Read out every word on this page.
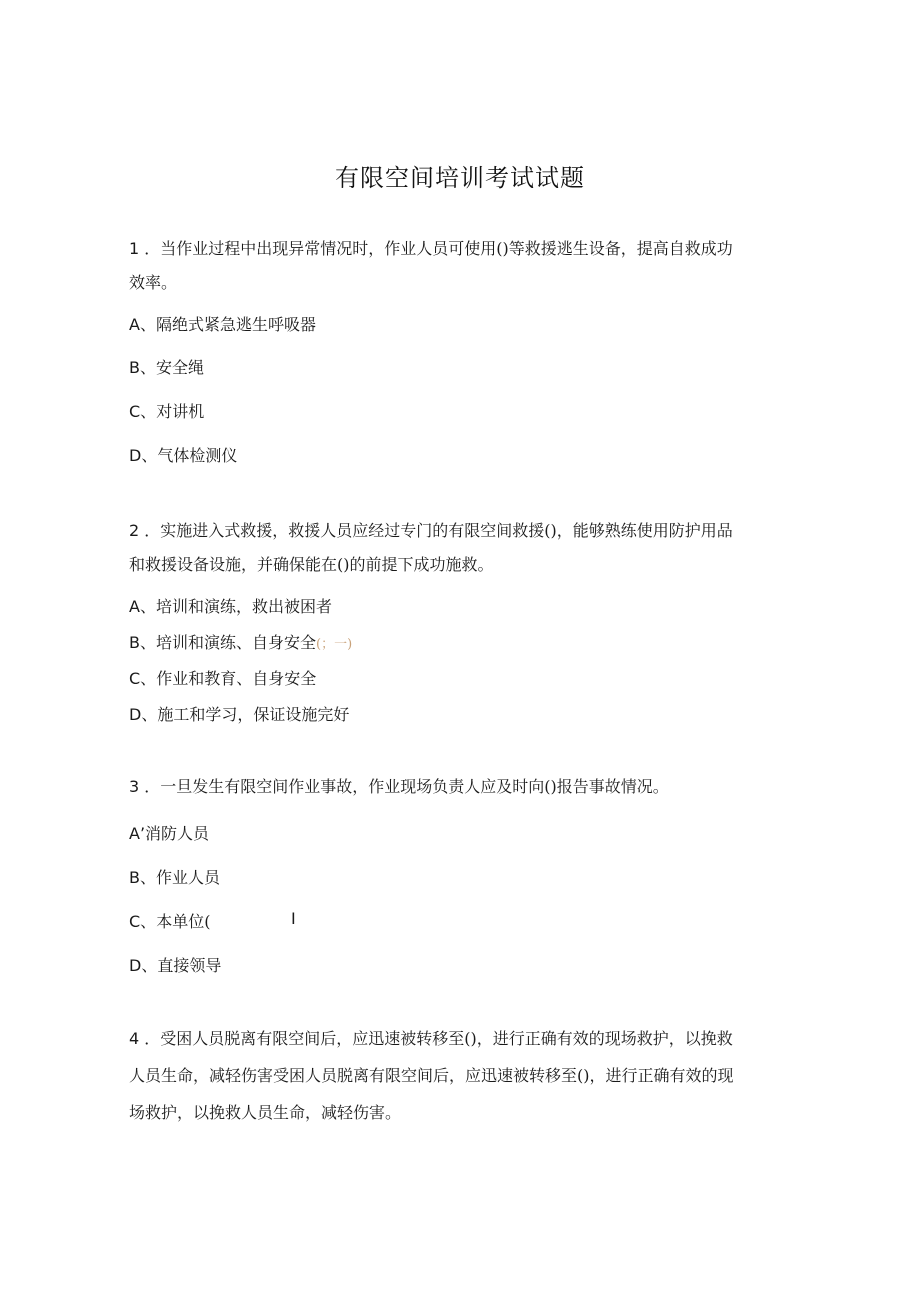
有限空间培训考试试题
1 ．当作业过程中出现异常情况时，作业人员可使用()等救援逃生设备，提高自救成功
效率。
A、隔绝式紧急逃生呼吸器
B、安全绳
C、对讲机
D、气体检测仪
2 ．实施进入式救援，救援人员应经过专门的有限空间救援()，能够熟练使用防护用品
和救援设备设施，并确保能在()的前提下成功施救。
A、培训和演练，救出被困者
B、培训和演练、自身安全(；一)
C、作业和教育、自身安全
D、施工和学习，保证设施完好
3 ．一旦发生有限空间作业事故，作业现场负责人应及时向()报告事故情况。
A’消防人员
B、作业人员
C、本单位(	I
D、直接领导
4 ．受困人员脱离有限空间后，应迅速被转移至()，进行正确有效的现场救护，以挽救
人员生命，减轻伤害受困人员脱离有限空间后，应迅速被转移至()，进行正确有效的现
场救护，以挽救人员生命，减轻伤害。
